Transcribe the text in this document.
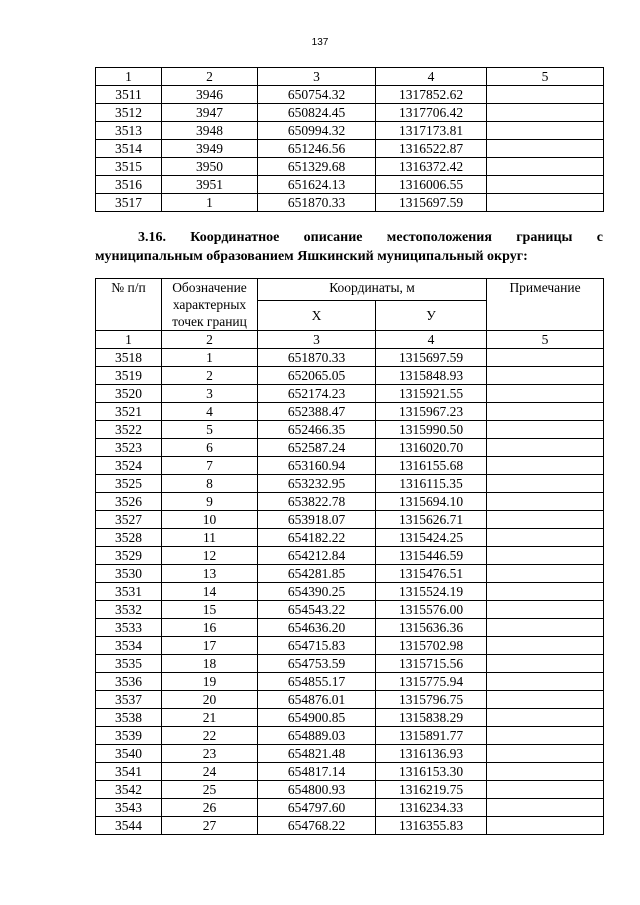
137
1	2	3	4	5
3511	3946	650754.32	1317852.62	
3512	3947	650824.45	1317706.42	
3513	3948	650994.32	1317173.81	
3514	3949	651246.56	1316522.87	
3515	3950	651329.68	1316372.42	
3516	3951	651624.13	1316006.55	
3517	1	651870.33	1315697.59	
3.16. Координатное описание местоположения границы с
муниципальным образованием Яшкинский муниципальный округ:
№ п/п	Обозначение характерных точек границ	Координаты, м		Примечание
		X	У	
1	2	3	4	5
3518	1	651870.33	1315697.59	
3519	2	652065.05	1315848.93	
3520	3	652174.23	1315921.55	
3521	4	652388.47	1315967.23	
3522	5	652466.35	1315990.50	
3523	6	652587.24	1316020.70	
3524	7	653160.94	1316155.68	
3525	8	653232.95	1316115.35	
3526	9	653822.78	1315694.10	
3527	10	653918.07	1315626.71	
3528	11	654182.22	1315424.25	
3529	12	654212.84	1315446.59	
3530	13	654281.85	1315476.51	
3531	14	654390.25	1315524.19	
3532	15	654543.22	1315576.00	
3533	16	654636.20	1315636.36	
3534	17	654715.83	1315702.98	
3535	18	654753.59	1315715.56	
3536	19	654855.17	1315775.94	
3537	20	654876.01	1315796.75	
3538	21	654900.85	1315838.29	
3539	22	654889.03	1315891.77	
3540	23	654821.48	1316136.93	
3541	24	654817.14	1316153.30	
3542	25	654800.93	1316219.75	
3543	26	654797.60	1316234.33	
3544	27	654768.22	1316355.83	
